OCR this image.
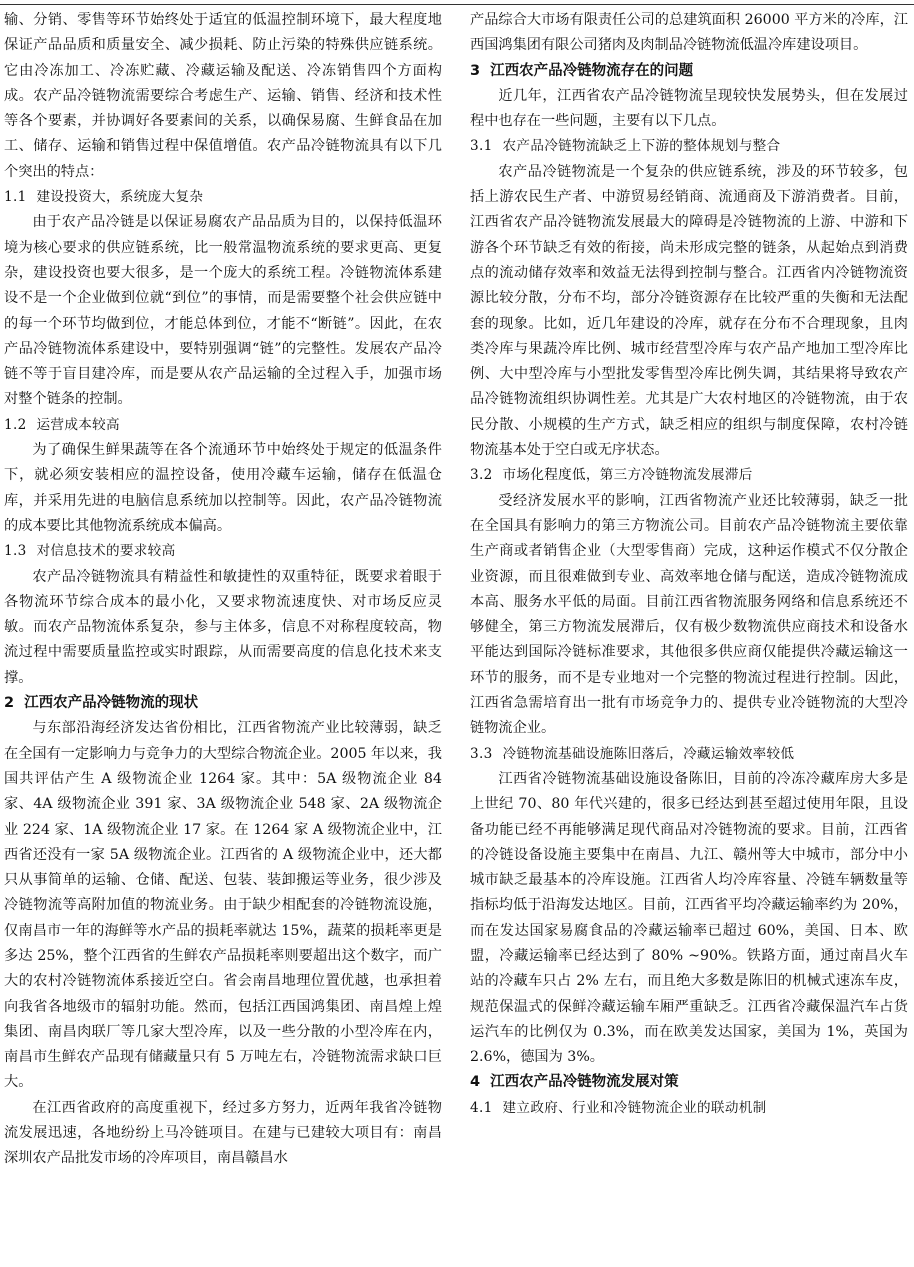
输、分销、零售等环节始终处于适宜的低温控制环境下，最大程度地保证产品品质和质量安全、减少损耗、防止污染的特殊供应链系统。它由冷冻加工、冷冻贮藏、冷藏运输及配送、冷冻销售四个方面构成。农产品冷链物流需要综合考虑生产、运输、销售、经济和技术性等各个要素，并协调好各要素间的关系，以确保易腐、生鲜食品在加工、储存、运输和销售过程中保值增值。农产品冷链物流具有以下几个突出的特点：

1.1 建设投资大，系统庞大复杂

由于农产品冷链是以保证易腐农产品品质为目的，以保持低温环境为核心要求的供应链系统，比一般常温物流系统的要求更高、更复杂，建设投资也要大很多，是一个庞大的系统工程。冷链物流体系建设不是一个企业做到位就“到位”的事情，而是需要整个社会供应链中的每一个环节均做到位，才能总体到位，才能不“断链”。因此，在农产品冷链物流体系建设中，要特别强调“链”的完整性。发展农产品冷链不等于盲目建冷库，而是要从农产品运输的全过程入手，加强市场对整个链条的控制。

1.2 运营成本较高

为了确保生鲜果蔬等在各个流通环节中始终处于规定的低温条件下，就必须安装相应的温控设备，使用冷藏车运输，储存在低温仓库，并采用先进的电脑信息系统加以控制等。因此，农产品冷链物流的成本要比其他物流系统成本偏高。

1.3 对信息技术的要求较高

农产品冷链物流具有精益性和敏捷性的双重特征，既要求着眼于各物流环节综合成本的最小化，又要求物流速度快、对市场反应灵敏。而农产品物流体系复杂，参与主体多，信息不对称程度较高，物流过程中需要质量监控或实时跟踪，从而需要高度的信息化技术来支撑。

2 江西农产品冷链物流的现状

与东部沿海经济发达省份相比，江西省物流产业比较薄弱，缺乏在全国有一定影响力与竞争力的大型综合物流企业。2005 年以来，我国共评估产生 A 级物流企业 1264 家。其中：5A 级物流企业 84 家、4A 级物流企业 391 家、3A 级物流企业 548 家、2A 级物流企业 224 家、1A 级物流企业 17 家。在 1264 家 A 级物流企业中，江西省还没有一家 5A 级物流企业。江西省的 A 级物流企业中，还大都只从事简单的运输、仓储、配送、包装、装卸搬运等业务，很少涉及冷链物流等高附加值的物流业务。由于缺少相配套的冷链物流设施，仅南昌市一年的海鲜等水产品的损耗率就达 15%，蔬菜的损耗率更是多达 25%，整个江西省的生鲜农产品损耗率则要超出这个数字，而广大的农村冷链物流体系接近空白。省会南昌地理位置优越，也承担着向我省各地级市的辐射功能。然而，包括江西国鸿集团、南昌煌上煌集团、南昌肉联厂等几家大型冷库，以及一些分散的小型冷库在内，南昌市生鲜农产品现有储藏量只有 5 万吨左右，冷链物流需求缺口巨大。

在江西省政府的高度重视下，经过多方努力，近两年我省冷链物流发展迅速，各地纷纷上马冷链项目。在建与已建较大项目有：南昌深圳农产品批发市场的冷库项目，南昌赣昌水

产品综合大市场有限责任公司的总建筑面积 26000 平方米的冷库，江西国鸿集团有限公司猪肉及肉制品冷链物流低温冷库建设项目。

3 江西农产品冷链物流存在的问题

近几年，江西省农产品冷链物流呈现较快发展势头，但在发展过程中也存在一些问题，主要有以下几点。

3.1 农产品冷链物流缺乏上下游的整体规划与整合

农产品冷链物流是一个复杂的供应链系统，涉及的环节较多，包括上游农民生产者、中游贸易经销商、流通商及下游消费者。目前，江西省农产品冷链物流发展最大的障碍是冷链物流的上游、中游和下游各个环节缺乏有效的衔接，尚未形成完整的链条，从起始点到消费点的流动储存效率和效益无法得到控制与整合。江西省内冷链物流资源比较分散，分布不均，部分冷链资源存在比较严重的失衡和无法配套的现象。比如，近几年建设的冷库，就存在分布不合理现象，且肉类冷库与果蔬冷库比例、城市经营型冷库与农产品产地加工型冷库比例、大中型冷库与小型批发零售型冷库比例失调，其结果将导致农产品冷链物流组织协调性差。尤其是广大农村地区的冷链物流，由于农民分散、小规模的生产方式，缺乏相应的组织与制度保障，农村冷链物流基本处于空白或无序状态。

3.2 市场化程度低，第三方冷链物流发展滞后

受经济发展水平的影响，江西省物流产业还比较薄弱，缺乏一批在全国具有影响力的第三方物流公司。目前农产品冷链物流主要依靠生产商或者销售企业（大型零售商）完成，这种运作模式不仅分散企业资源，而且很难做到专业、高效率地仓储与配送，造成冷链物流成本高、服务水平低的局面。目前江西省物流服务网络和信息系统还不够健全，第三方物流发展滞后，仅有极少数物流供应商技术和设备水平能达到国际冷链标准要求，其他很多供应商仅能提供冷藏运输这一环节的服务，而不是专业地对一个完整的物流过程进行控制。因此，江西省急需培育出一批有市场竞争力的、提供专业冷链物流的大型冷链物流企业。

3.3 冷链物流基础设施陈旧落后，冷藏运输效率较低

江西省冷链物流基础设施设备陈旧，目前的冷冻冷藏库房大多是上世纪 70、80 年代兴建的，很多已经达到甚至超过使用年限，且设备功能已经不再能够满足现代商品对冷链物流的要求。目前，江西省的冷链设备设施主要集中在南昌、九江、赣州等大中城市，部分中小城市缺乏最基本的冷库设施。江西省人均冷库容量、冷链车辆数量等指标均低于沿海发达地区。目前，江西省平均冷藏运输率约为 20%，而在发达国家易腐食品的冷藏运输率已超过 60%，美国、日本、欧盟，冷藏运输率已经达到了 80% ~90%。铁路方面，通过南昌火车站的冷藏车只占 2% 左右，而且绝大多数是陈旧的机械式速冻车皮，规范保温式的保鲜冷藏运输车厢严重缺乏。江西省冷藏保温汽车占货运汽车的比例仅为 0.3%，而在欧美发达国家，美国为 1%，英国为 2.6%，德国为 3%。

4 江西农产品冷链物流发展对策

4.1 建立政府、行业和冷链物流企业的联动机制
